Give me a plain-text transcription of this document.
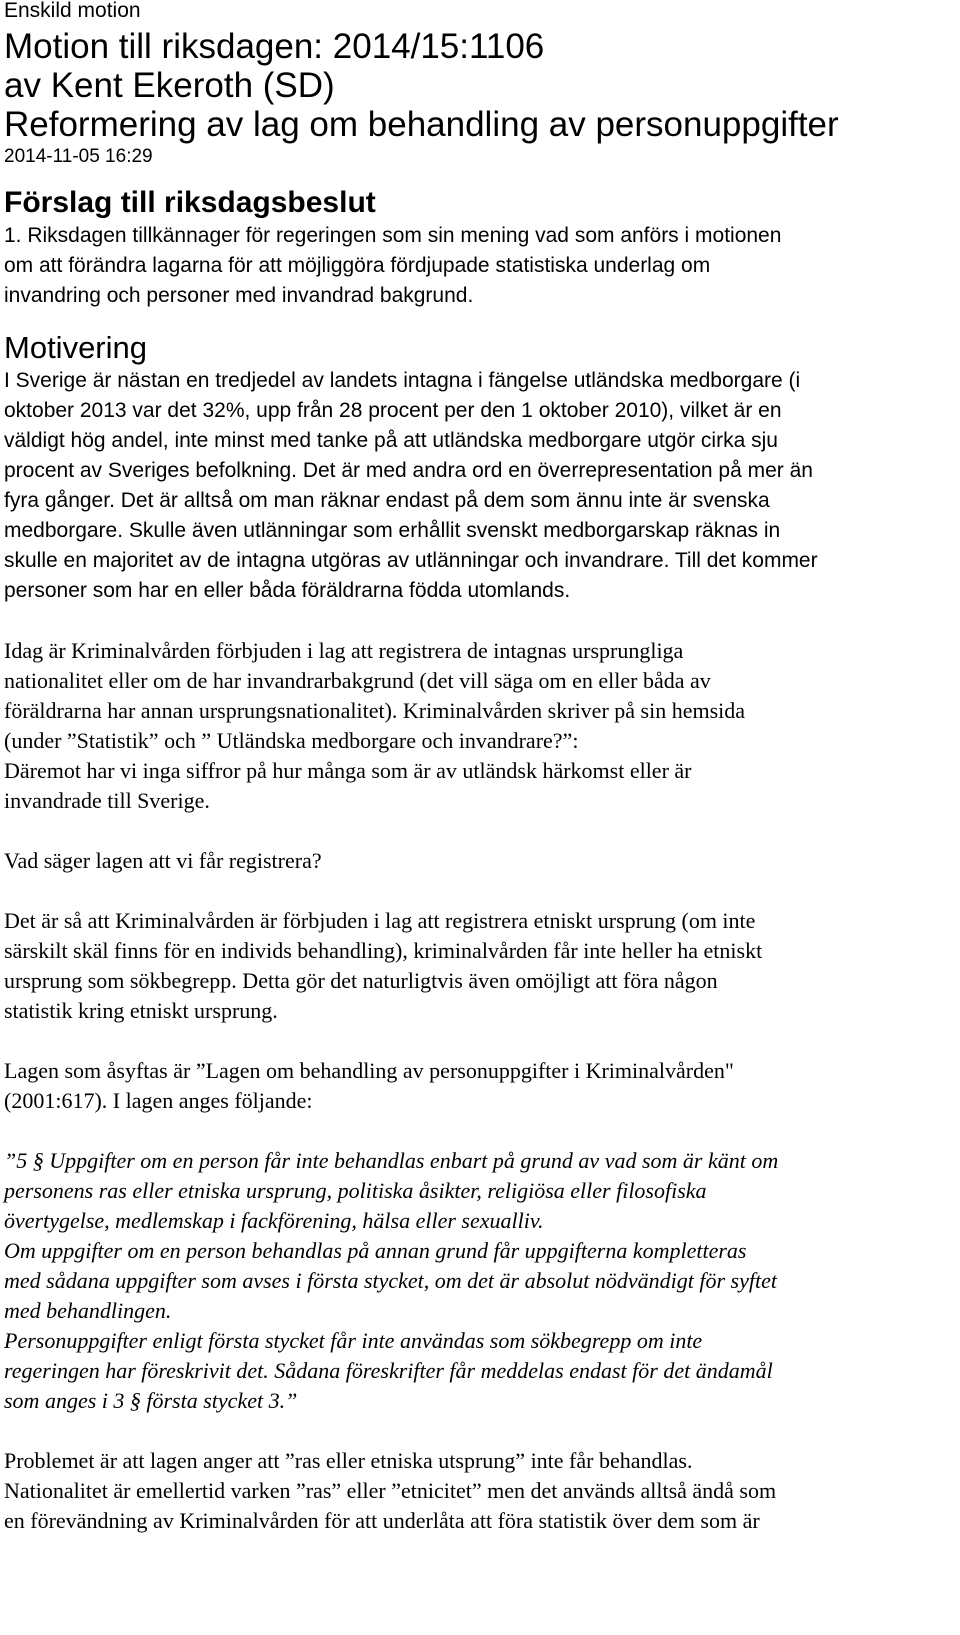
Enskild motion
Motion till riksdagen: 2014/15:1106
av Kent Ekeroth (SD)
Reformering av lag om behandling av personuppgifter
2014-11-05 16:29
Förslag till riksdagsbeslut
1. Riksdagen tillkännager för regeringen som sin mening vad som anförs i motionen
om att förändra lagarna för att möjliggöra fördjupade statistiska underlag om
invandring och personer med invandrad bakgrund.
Motivering
I Sverige är nästan en tredjedel av landets intagna i fängelse utländska medborgare (i
oktober 2013 var det 32%, upp från 28 procent per den 1 oktober 2010), vilket är en
väldigt hög andel, inte minst med tanke på att utländska medborgare utgör cirka sju
procent av Sveriges befolkning. Det är med andra ord en överrepresentation på mer än
fyra gånger. Det är alltså om man räknar endast på dem som ännu inte är svenska
medborgare. Skulle även utlänningar som erhållit svenskt medborgarskap räknas in
skulle en majoritet av de intagna utgöras av utlänningar och invandrare. Till det kommer
personer som har en eller båda föräldrarna födda utomlands.
Idag är Kriminalvården förbjuden i lag att registrera de intagnas ursprungliga
nationalitet eller om de har invandrarbakgrund (det vill säga om en eller båda av
föräldrarna har annan ursprungsnationalitet). Kriminalvården skriver på sin hemsida
(under ”Statistik” och ” Utländska medborgare och invandrare?”:
Däremot har vi inga siffror på hur många som är av utländsk härkomst eller är
invandrade till Sverige.
Vad säger lagen att vi får registrera?
Det är så att Kriminalvården är förbjuden i lag att registrera etniskt ursprung (om inte
särskilt skäl finns för en individs behandling), kriminalvården får inte heller ha etniskt
ursprung som sökbegrepp. Detta gör det naturligtvis även omöjligt att föra någon
statistik kring etniskt ursprung.
Lagen som åsyftas är ”Lagen om behandling av personuppgifter i Kriminalvården"
(2001:617). I lagen anges följande:
”5 § Uppgifter om en person får inte behandlas enbart på grund av vad som är känt om
personens ras eller etniska ursprung, politiska åsikter, religiösa eller filosofiska
övertygelse, medlemskap i fackförening, hälsa eller sexualliv.
Om uppgifter om en person behandlas på annan grund får uppgifterna kompletteras
med sådana uppgifter som avses i första stycket, om det är absolut nödvändigt för syftet
med behandlingen.
Personuppgifter enligt första stycket får inte användas som sökbegrepp om inte
regeringen har föreskrivit det. Sådana föreskrifter får meddelas endast för det ändamål
som anges i 3 § första stycket 3.”
Problemet är att lagen anger att ”ras eller etniska utsprung” inte får behandlas.
Nationalitet är emellertid varken ”ras” eller ”etnicitet” men det används alltså ändå som
en förevändning av Kriminalvården för att underlåta att föra statistik över dem som är
